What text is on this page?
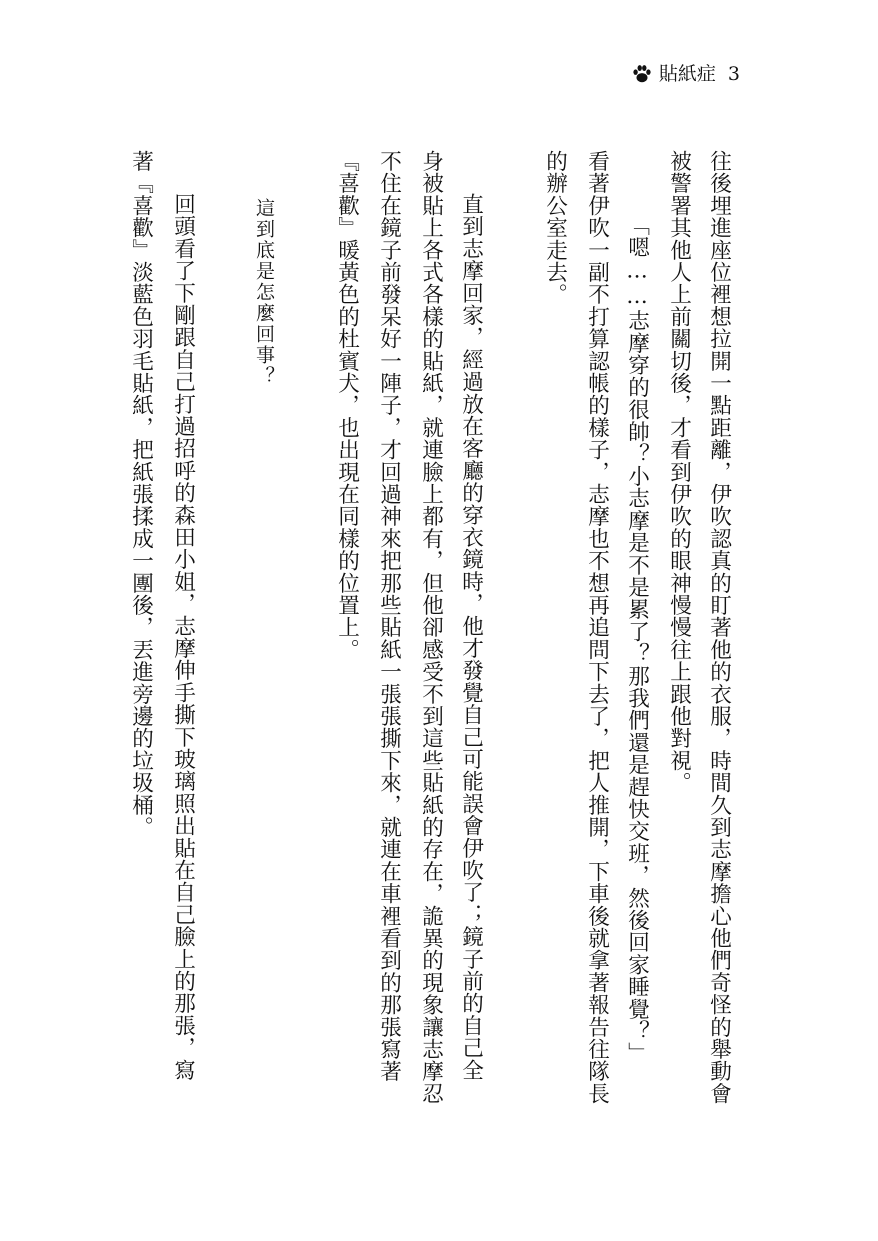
貼紙症 3
往後埋進座位裡想拉開一點距離，伊吹認真的盯著他的衣服，時間久到志摩擔心他們奇怪的舉動會
被警署其他人上前關切後，才看到伊吹的眼神慢慢往上跟他對視。
「嗯……志摩穿的很帥？小志摩是不是累了？那我們還是趕快交班，然後回家睡覺？」
看著伊吹一副不打算認帳的樣子，志摩也不想再追問下去了，把人推開，下車後就拿著報告往隊長
的辦公室走去。
直到志摩回家，經過放在客廳的穿衣鏡時，他才發覺自己可能誤會伊吹了；鏡子前的自己全
身被貼上各式各樣的貼紙，就連臉上都有，但他卻感受不到這些貼紙的存在，詭異的現象讓志摩忍
不住在鏡子前發呆好一陣子，才回過神來把那些貼紙一張張撕下來，就連在車裡看到的那張寫著
『喜歡』暖黃色的杜賓犬，也出現在同樣的位置上。
這到底是怎麼回事？
回頭看了下剛跟自己打過招呼的森田小姐，志摩伸手撕下玻璃照出貼在自己臉上的那張，寫
著『喜歡』淡藍色羽毛貼紙，把紙張揉成一團後，丟進旁邊的垃圾桶。
